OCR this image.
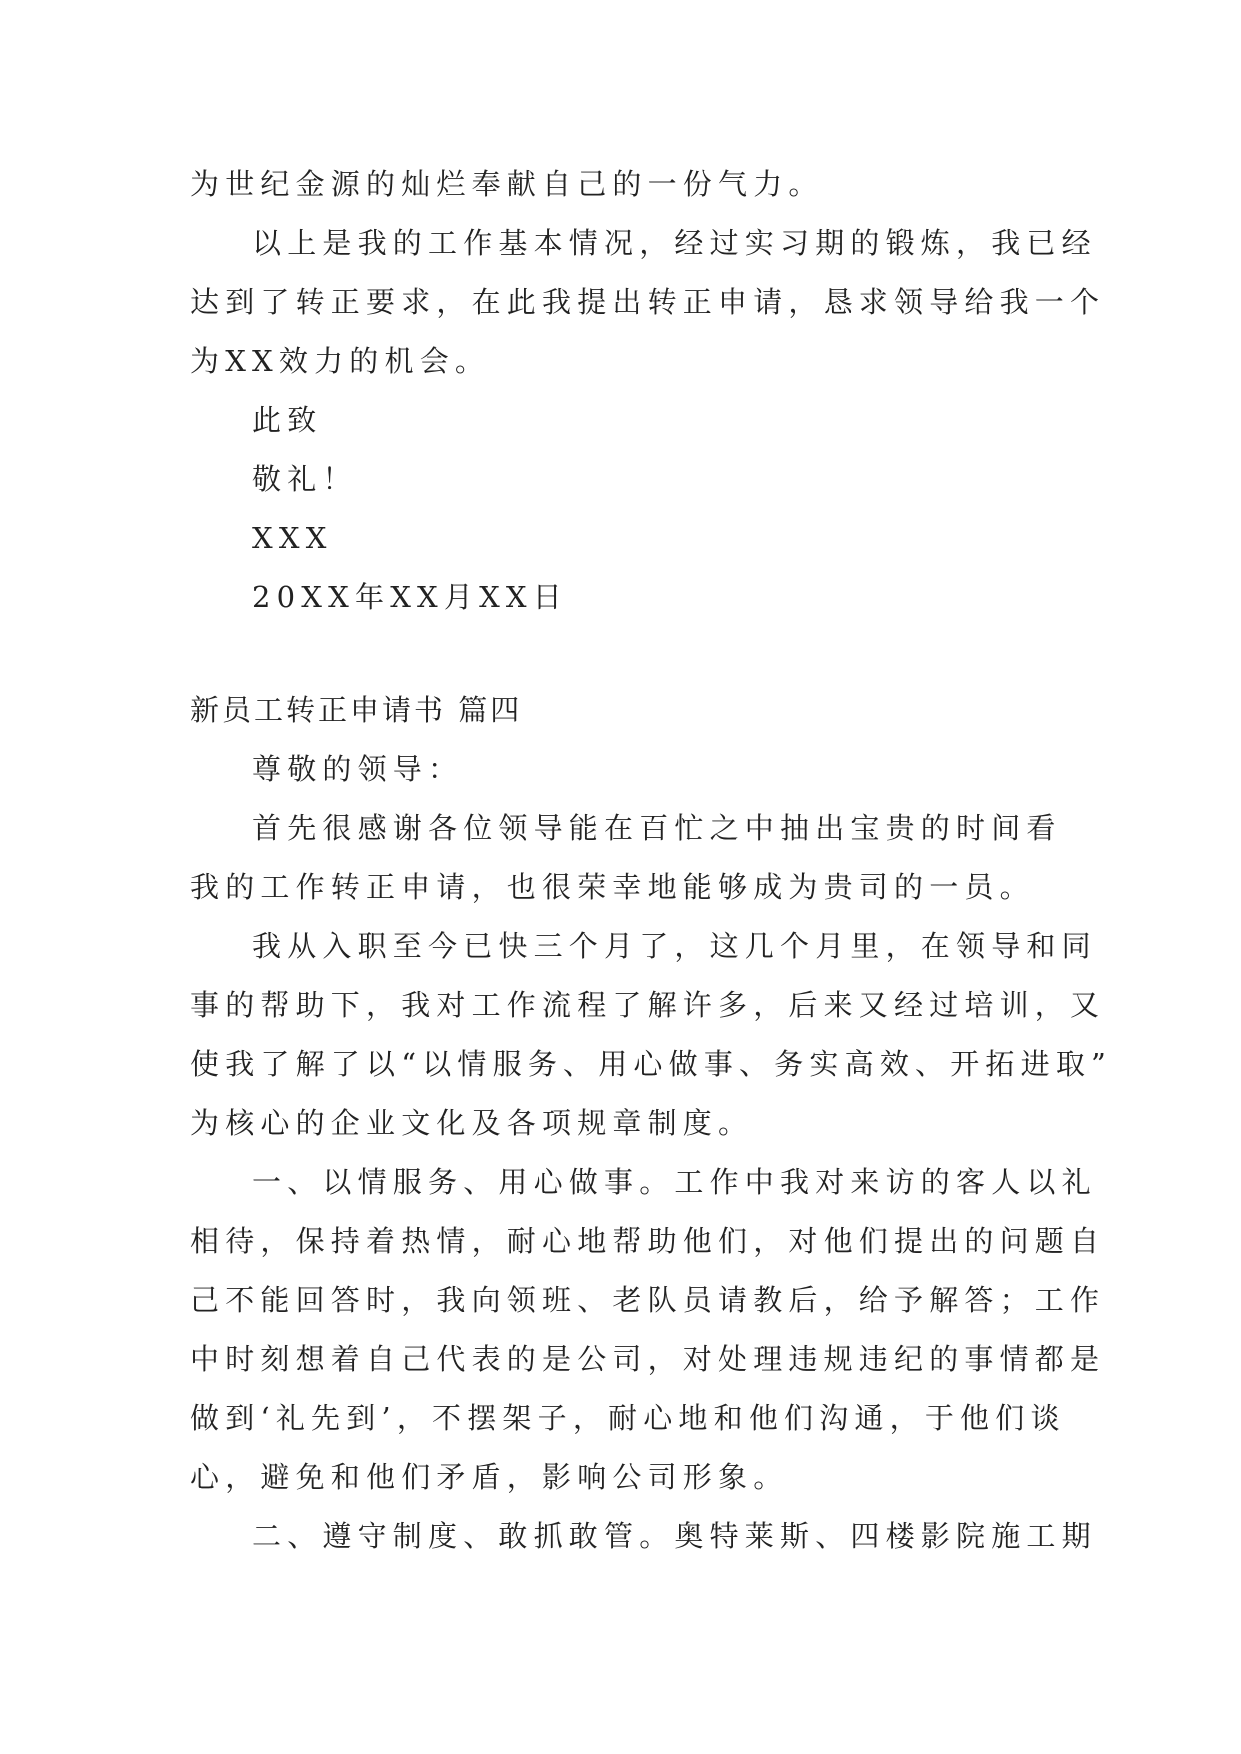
为世纪金源的灿烂奉献自己的一份气力。
以上是我的工作基本情况，经过实习期的锻炼，我已经
达到了转正要求，在此我提出转正申请，恳求领导给我一个
为XX效力的机会。
此致
敬礼！
XXX
20XX年XX月XX日
新员工转正申请书 篇四
尊敬的领导：
首先很感谢各位领导能在百忙之中抽出宝贵的时间看
我的工作转正申请，也很荣幸地能够成为贵司的一员。
我从入职至今已快三个月了，这几个月里，在领导和同
事的帮助下，我对工作流程了解许多，后来又经过培训，又
使我了解了以“以情服务、用心做事、务实高效、开拓进取”
为核心的企业文化及各项规章制度。
一、以情服务、用心做事。工作中我对来访的客人以礼
相待，保持着热情，耐心地帮助他们，对他们提出的问题自
己不能回答时，我向领班、老队员请教后，给予解答；工作
中时刻想着自己代表的是公司，对处理违规违纪的事情都是
做到‘礼先到’，不摆架子，耐心地和他们沟通，于他们谈
心，避免和他们矛盾，影响公司形象。
二、遵守制度、敢抓敢管。奥特莱斯、四楼影院施工期
